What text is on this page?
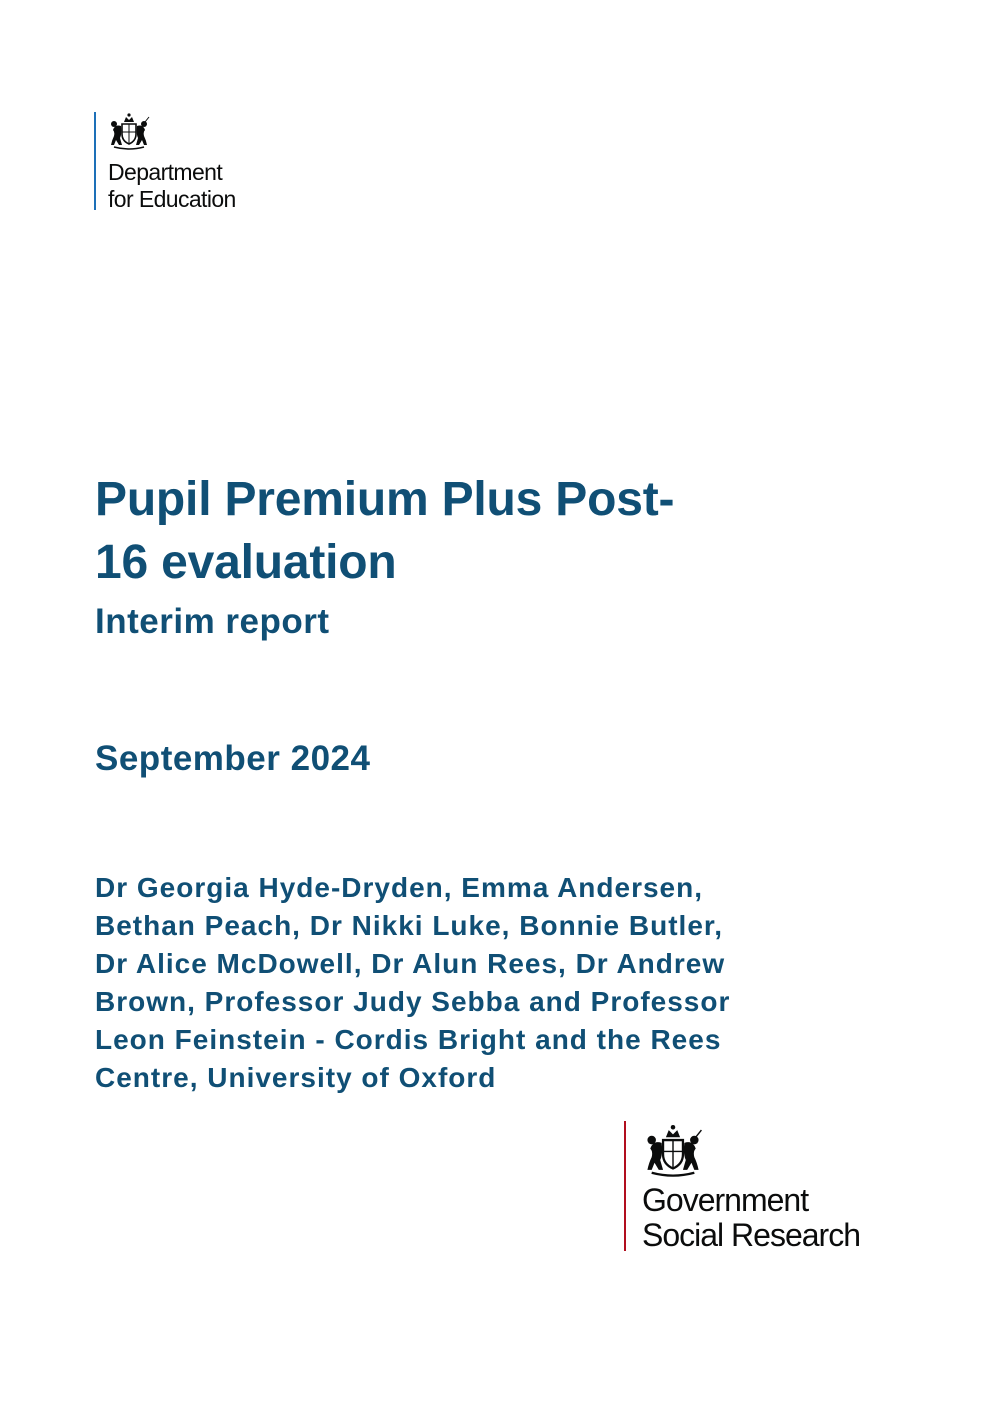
Department
for Education
Pupil Premium Plus Post-
16 evaluation
Interim report
September 2024
Dr Georgia Hyde-Dryden, Emma Andersen,
Bethan Peach, Dr Nikki Luke, Bonnie Butler,
Dr Alice McDowell, Dr Alun Rees, Dr Andrew
Brown, Professor Judy Sebba and Professor
Leon Feinstein - Cordis Bright and the Rees
Centre, University of Oxford
Government
Social Research
